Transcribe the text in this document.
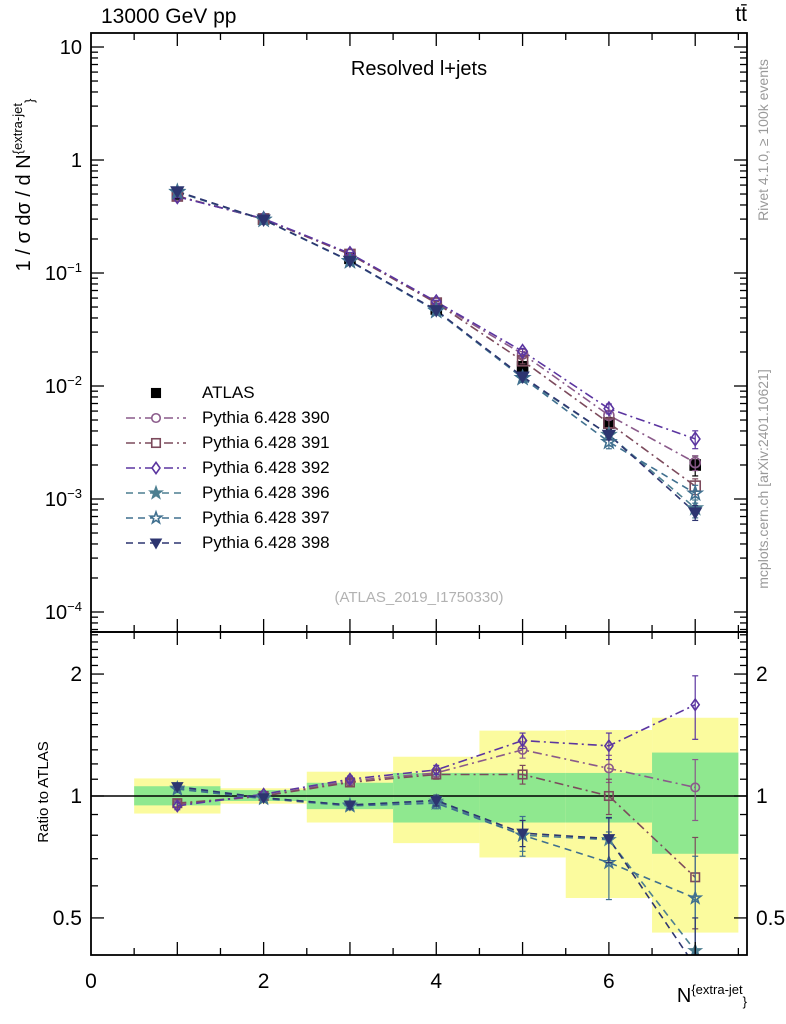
10
1
$10^{-1}$
$10^{-2}$
$10^{-3}$
$10^{-4}$
2	2
1	1
0.5	0.5
0	2	4	6
13000 GeV pp	tt̄
Resolved l+jets
(ATLAS_2019_I1750330)
Rivet 4.1.0, ≥ 100k events
mcplots.cern.ch [arXiv:2401.10621]
1 / σ dσ / d $N^{\{extra-jet}_{\}}$
Ratio to ATLAS
$N^{\{extra-jet}_{\}}$
ATLAS
Pythia 6.428 390
Pythia 6.428 391
Pythia 6.428 392
Pythia 6.428 396
Pythia 6.428 397
Pythia 6.428 398
